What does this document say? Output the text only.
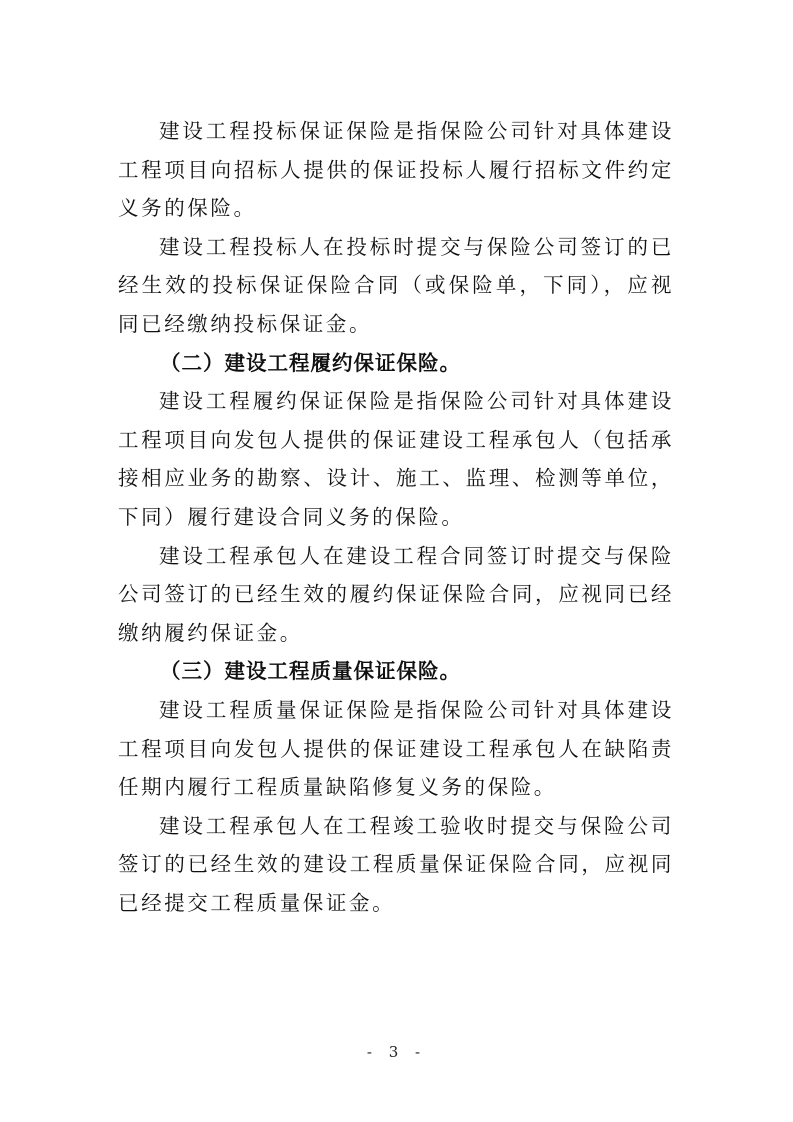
建设工程投标保证保险是指保险公司针对具体建设工程项目向招标人提供的保证投标人履行招标文件约定义务的保险。

建设工程投标人在投标时提交与保险公司签订的已经生效的投标保证保险合同（或保险单，下同），应视同已经缴纳投标保证金。

（二）建设工程履约保证保险。

建设工程履约保证保险是指保险公司针对具体建设工程项目向发包人提供的保证建设工程承包人（包括承接相应业务的勘察、设计、施工、监理、检测等单位，下同）履行建设合同义务的保险。

建设工程承包人在建设工程合同签订时提交与保险公司签订的已经生效的履约保证保险合同，应视同已经缴纳履约保证金。

（三）建设工程质量保证保险。

建设工程质量保证保险是指保险公司针对具体建设工程项目向发包人提供的保证建设工程承包人在缺陷责任期内履行工程质量缺陷修复义务的保险。

建设工程承包人在工程竣工验收时提交与保险公司签订的已经生效的建设工程质量保证保险合同，应视同已经提交工程质量保证金。

- 3 -
